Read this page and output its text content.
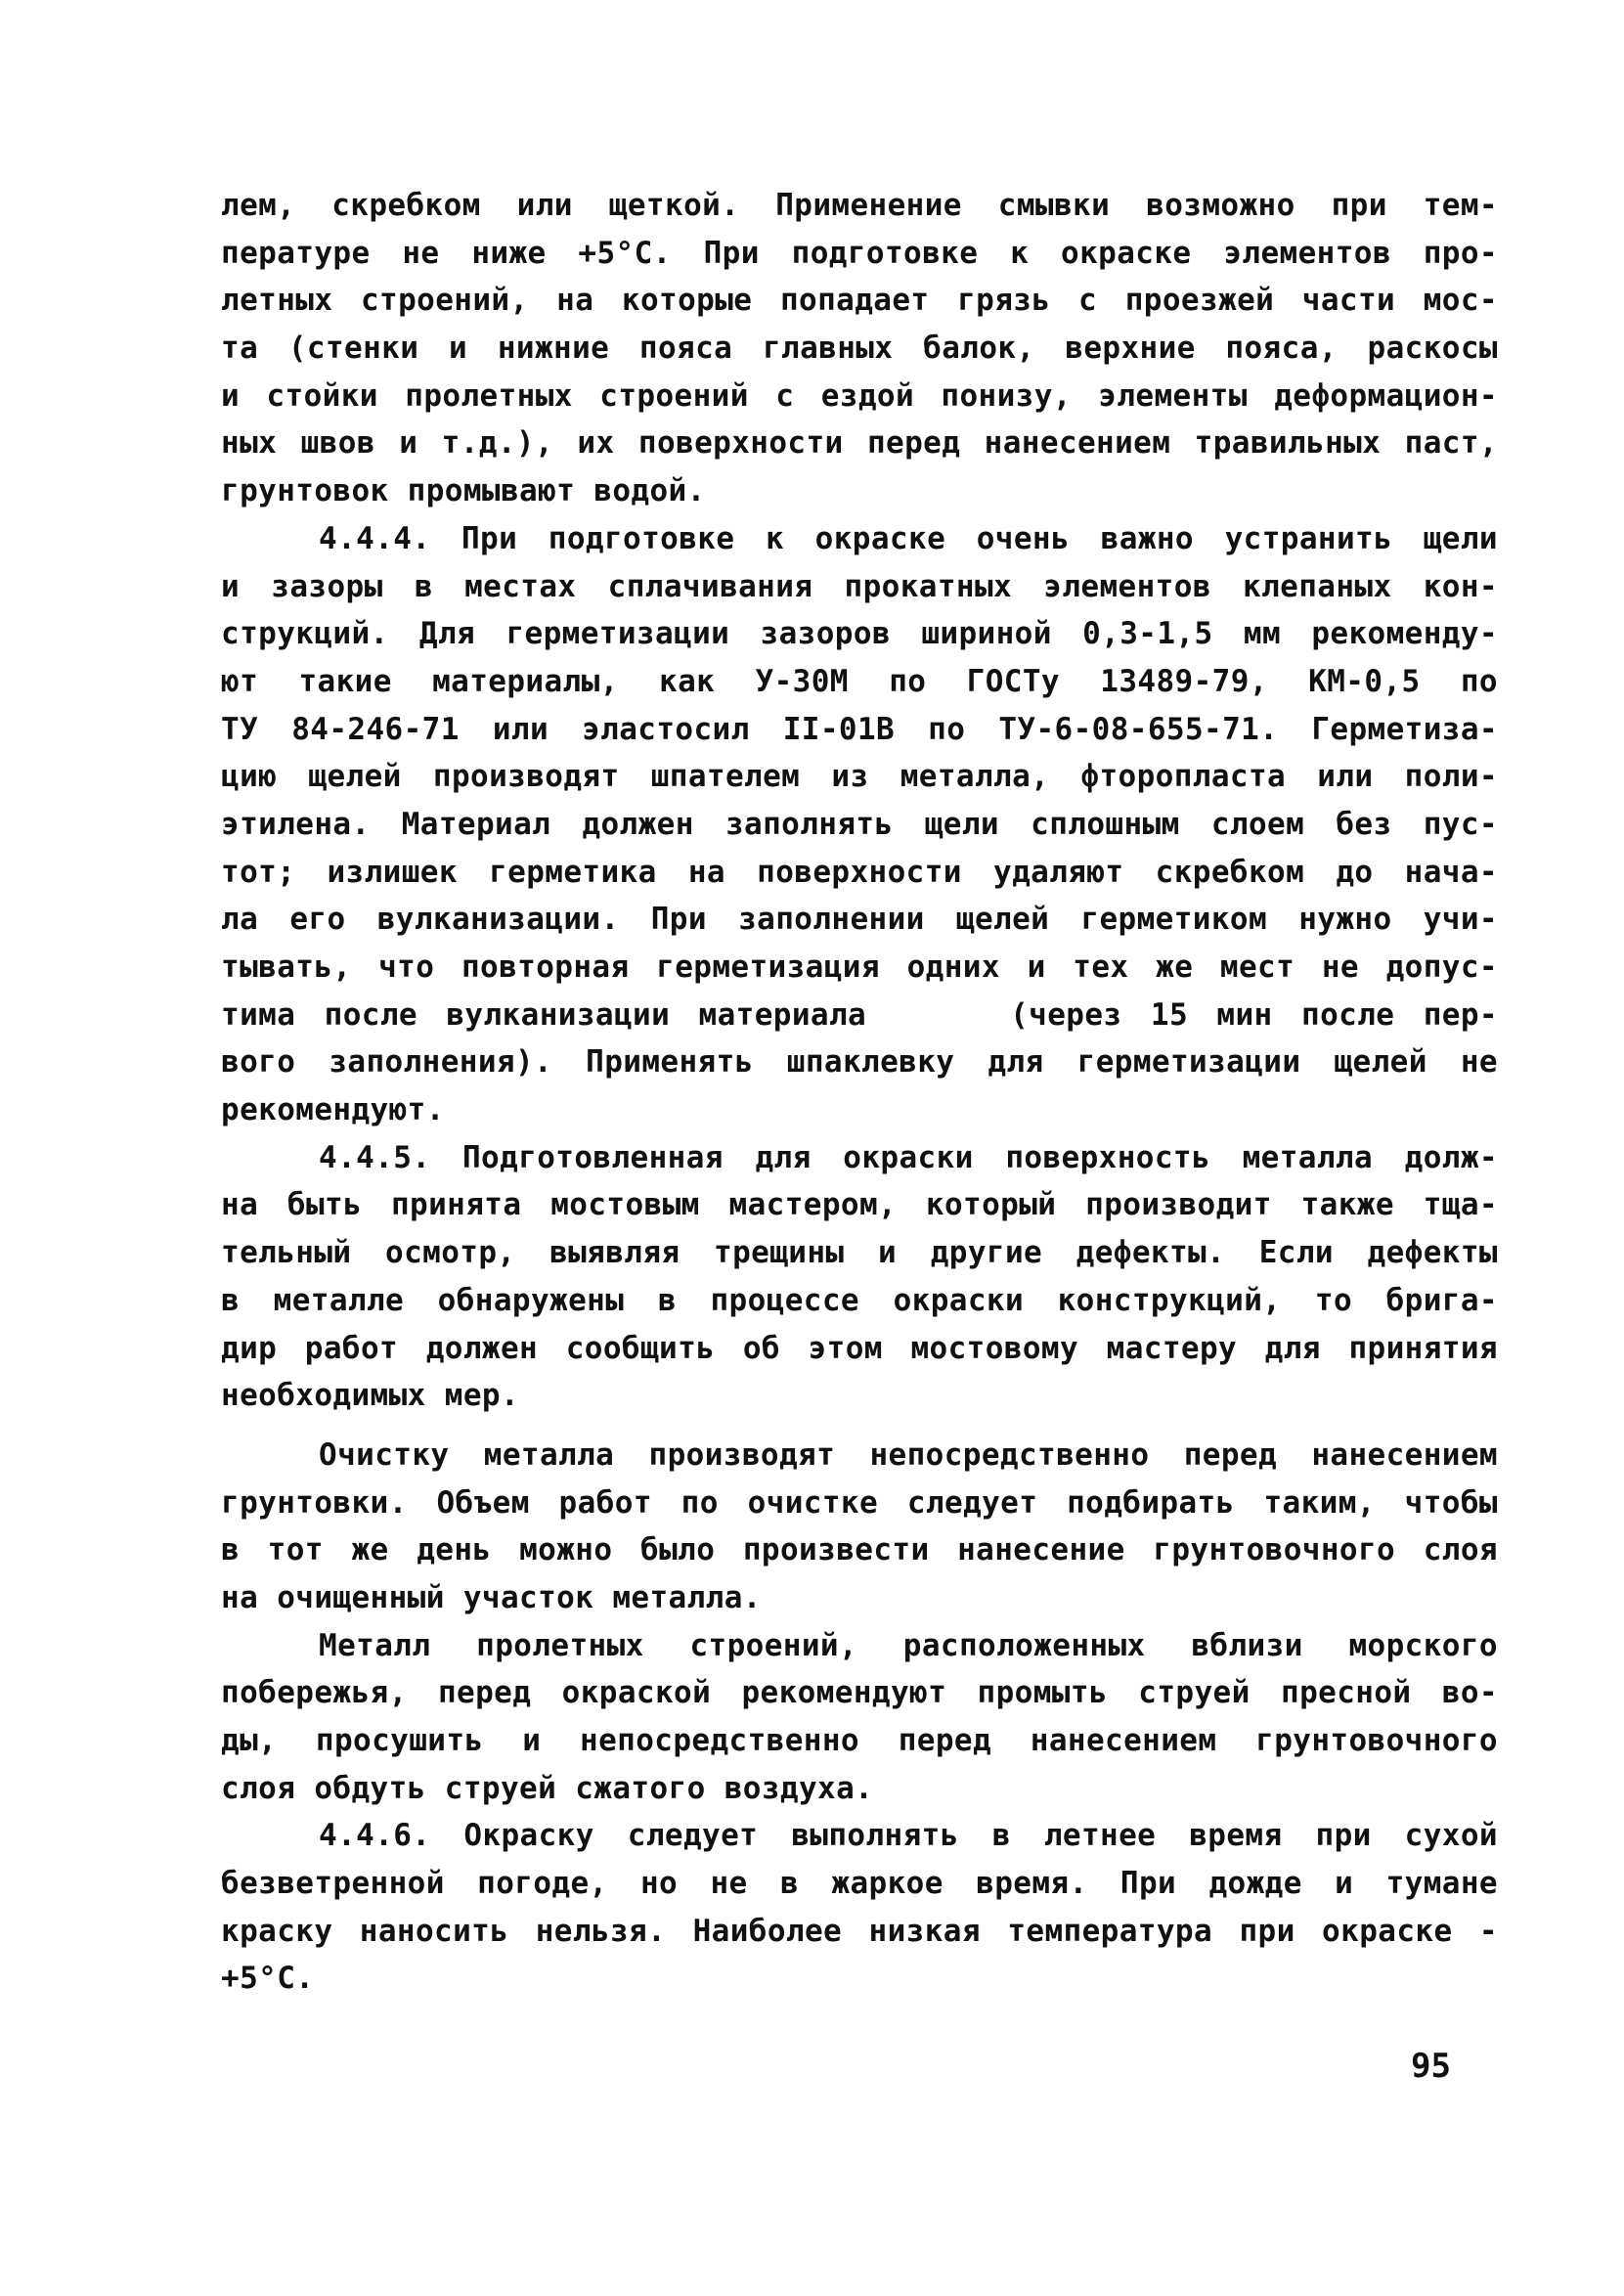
лем, скребком или щеткой. Применение смывки возможно при тем-
пературе не ниже +5°С. При подготовке к окраске элементов про-
летных строений, на которые попадает грязь с проезжей части мос-
та (стенки и нижние пояса главных балок, верхние пояса, раскосы
и стойки пролетных строений с ездой понизу, элементы деформацион-
ных швов и т.д.), их поверхности перед нанесением травильных паст,
грунтовок промывают водой.
4.4.4. При подготовке к окраске очень важно устранить щели
и зазоры в местах сплачивания прокатных элементов клепаных кон-
струкций. Для герметизации зазоров шириной 0,3-1,5 мм рекоменду-
ют такие материалы, как У-30М по ГОСТу 13489-79, КМ-0,5 по
ТУ 84-246-71 или эластосил II-01В по ТУ-6-08-655-71. Герметиза-
цию щелей производят шпателем из металла, фторопласта или поли-
этилена. Материал должен заполнять щели сплошным слоем без пус-
тот; излишек герметика на поверхности удаляют скребком до нача-
ла его вулканизации. При заполнении щелей герметиком нужно учи-
тывать, что повторная герметизация одних и тех же мест не допус-
тима после вулканизации материала     (через 15 мин после пер-
вого заполнения). Применять шпаклевку для герметизации щелей не
рекомендуют.
4.4.5. Подготовленная для окраски поверхность металла долж-
на быть принята мостовым мастером, который производит также тща-
тельный осмотр, выявляя трещины и другие дефекты. Если дефекты
в металле обнаружены в процессе окраски конструкций, то брига-
дир работ должен сообщить об этом мостовому мастеру для принятия
необходимых мер.
Очистку металла производят непосредственно перед нанесением
грунтовки. Объем работ по очистке следует подбирать таким, чтобы
в тот же день можно было произвести нанесение грунтовочного слоя
на очищенный участок металла.
Металл пролетных строений, расположенных вблизи морского
побережья, перед окраской рекомендуют промыть струей пресной во-
ды, просушить и непосредственно перед нанесением грунтовочного
слоя обдуть струей сжатого воздуха.
4.4.6. Окраску следует выполнять в летнее время при сухой
безветренной погоде, но не в жаркое время. При дожде и тумане
краску наносить нельзя. Наиболее низкая температура при окраске -
+5°С.
95
